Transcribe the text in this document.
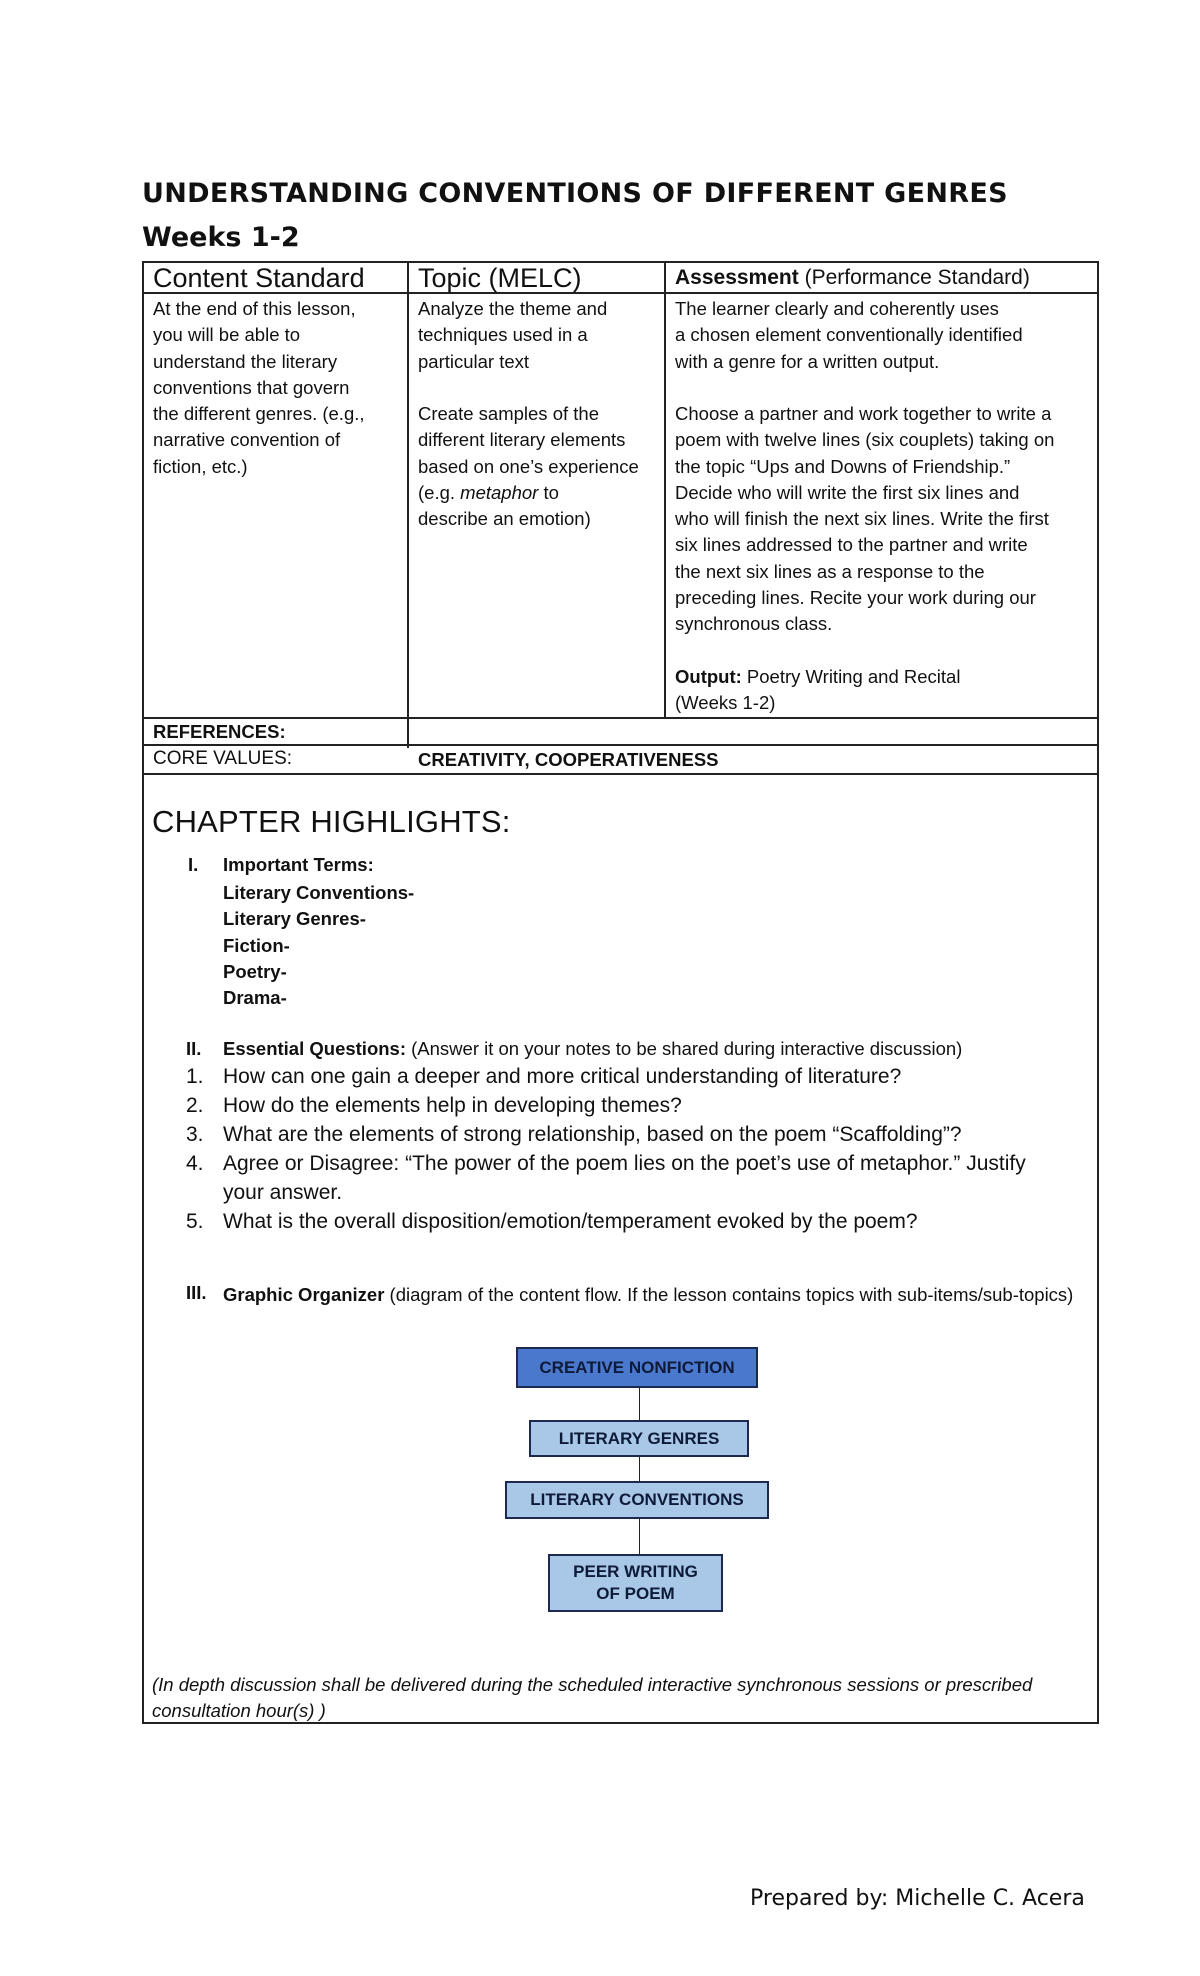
UNDERSTANDING CONVENTIONS OF DIFFERENT GENRES
Weeks 1-2
Content Standard Topic (MELC)	Assessment (Performance Standard)
At the end of this lesson,
you will be able to
understand the literary
conventions that govern
the different genres. (e.g.,
narrative convention of
fiction, etc.)
Analyze the theme and
techniques used in a
particular text
Create samples of the
different literary elements
based on one’s experience
(e.g. metaphor to
describe an emotion)
The learner clearly and coherently uses
a chosen element conventionally identified
with a genre for a written output.
Choose a partner and work together to write a
poem with twelve lines (six couplets) taking on
the topic “Ups and Downs of Friendship.”
Decide who will write the first six lines and
who will finish the next six lines. Write the first
six lines addressed to the partner and write
the next six lines as a response to the
preceding lines. Recite your work during our
synchronous class.
Output: Poetry Writing and Recital
(Weeks 1-2)
REFERENCES:
CORE VALUES:	CREATIVITY, COOPERATIVENESS
CHAPTER HIGHLIGHTS:
I. Important Terms:
Literary Conventions-
Literary Genres-
Fiction-
Poetry-
Drama-
II. Essential Questions: (Answer it on your notes to be shared during interactive discussion)
1. How can one gain a deeper and more critical understanding of literature?
2. How do the elements help in developing themes?
3. What are the elements of strong relationship, based on the poem “Scaffolding”?
4. Agree or Disagree: “The power of the poem lies on the poet’s use of metaphor.” Justify your answer.
5. What is the overall disposition/emotion/temperament evoked by the poem?
III. Graphic Organizer (diagram of the content flow. If the lesson contains topics with sub-items/sub-topics)
CREATIVE NONFICTION
LITERARY GENRES
LITERARY CONVENTIONS
PEER WRITING
OF POEM
(In depth discussion shall be delivered during the scheduled interactive synchronous sessions or prescribed consultation hour(s) )
Prepared by: Michelle C. Acera
